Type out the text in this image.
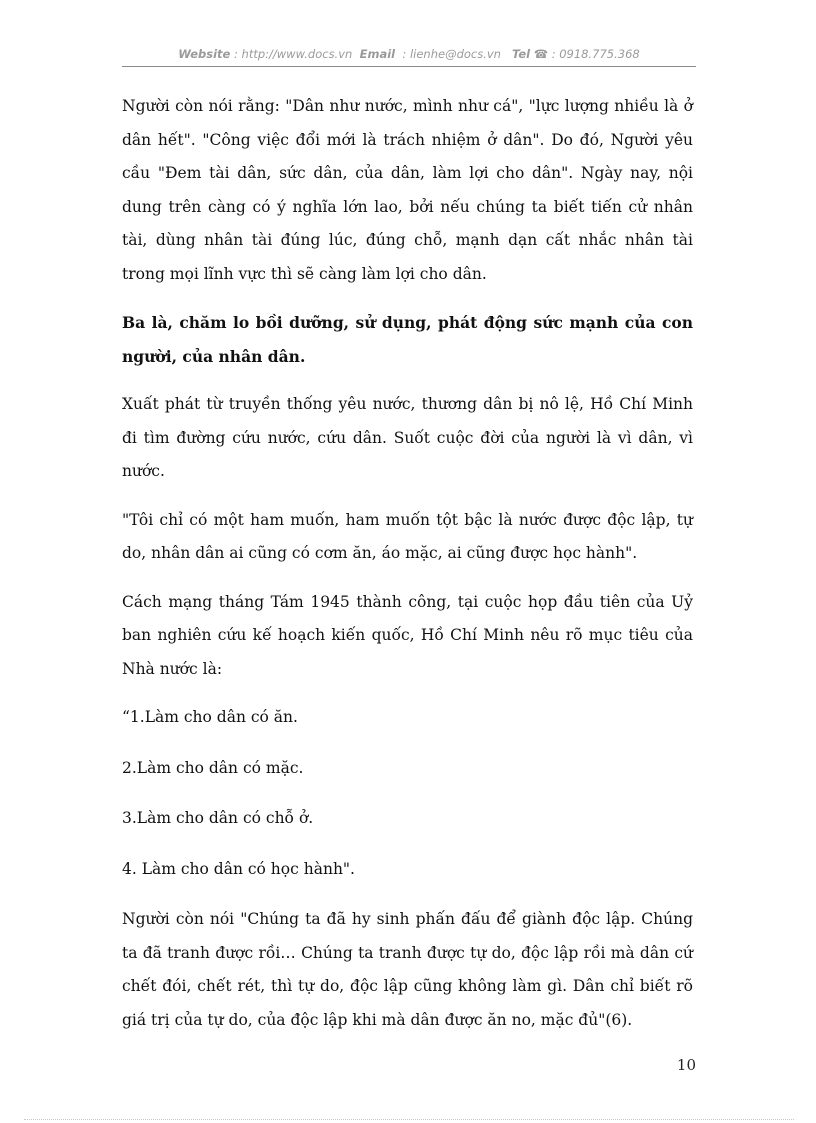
Website : http://www.docs.vn Email : lienhe@docs.vn Tel ☎ : 0918.775.368

Người còn nói rằng: "Dân như nước, mình như cá", "lực lượng nhiều là ở dân hết". "Công việc đổi mới là trách nhiệm ở dân". Do đó, Người yêu cầu "Đem tài dân, sức dân, của dân, làm lợi cho dân". Ngày nay, nội dung trên càng có ý nghĩa lớn lao, bởi nếu chúng ta biết tiến cử nhân tài, dùng nhân tài đúng lúc, đúng chỗ, mạnh dạn cất nhắc nhân tài trong mọi lĩnh vực thì sẽ càng làm lợi cho dân.

Ba là, chăm lo bồi dưỡng, sử dụng, phát động sức mạnh của con người, của nhân dân.

Xuất phát từ truyền thống yêu nước, thương dân bị nô lệ, Hồ Chí Minh đi tìm đường cứu nước, cứu dân. Suốt cuộc đời của người là vì dân, vì nước.

"Tôi chỉ có một ham muốn, ham muốn tột bậc là nước được độc lập, tự do, nhân dân ai cũng có cơm ăn, áo mặc, ai cũng được học hành".

Cách mạng tháng Tám 1945 thành công, tại cuộc họp đầu tiên của Uỷ ban nghiên cứu kế hoạch kiến quốc, Hồ Chí Minh nêu rõ mục tiêu của Nhà nước là:

“1.Làm cho dân có ăn.

2.Làm cho dân có mặc.

3.Làm cho dân có chỗ ở.

4. Làm cho dân có học hành".

Người còn nói "Chúng ta đã hy sinh phấn đấu để giành độc lập. Chúng ta đã tranh được rồi… Chúng ta tranh được tự do, độc lập rồi mà dân cứ chết đói, chết rét, thì tự do, độc lập cũng không làm gì. Dân chỉ biết rõ giá trị của tự do, của độc lập khi mà dân được ăn no, mặc đủ"(6).

10
